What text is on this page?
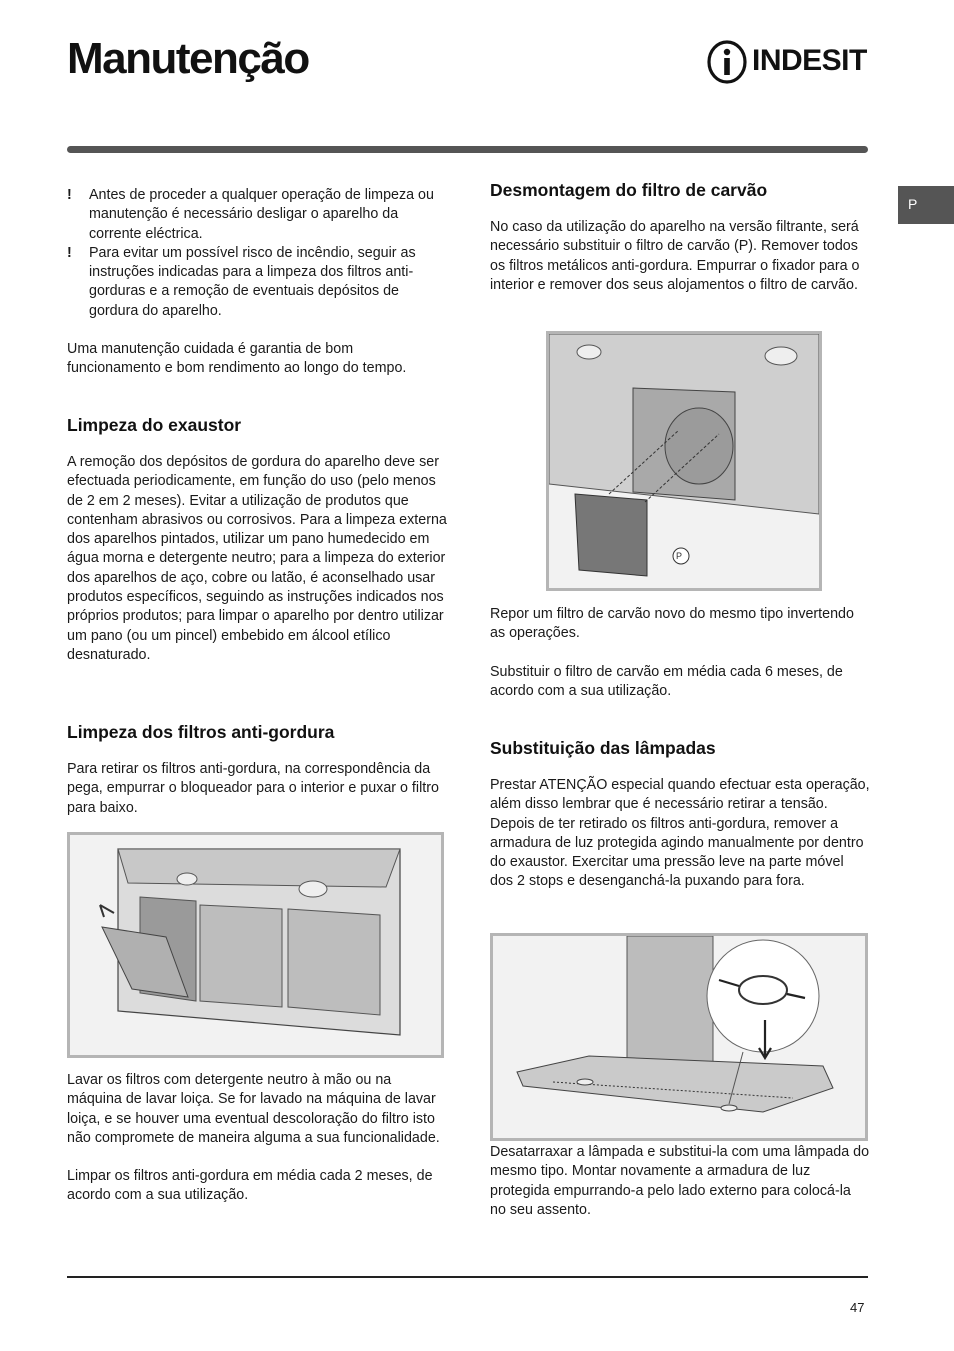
Manutenção	INDESIT
P

! Antes de proceder a qualquer operação de limpeza ou manutenção é necessário desligar o aparelho da corrente eléctrica.

! Para evitar um possível risco de incêndio, seguir as instruções indicadas para a limpeza dos filtros anti-gorduras e a remoção de eventuais depósitos de gordura do aparelho.

Uma manutenção cuidada é garantia de bom funcionamento e bom rendimento ao longo do tempo.

Limpeza do exaustor

A remoção dos depósitos de gordura do aparelho deve ser efectuada periodicamente, em função do uso (pelo menos de 2 em 2 meses). Evitar a utilização de produtos que contenham abrasivos ou corrosivos. Para a limpeza externa dos aparelhos pintados, utilizar um pano humedecido em água morna e detergente neutro; para a limpeza do exterior dos aparelhos de aço, cobre ou latão, é aconselhado usar produtos específicos, seguindo as instruções indicados nos próprios produtos; para limpar o aparelho por dentro utilizar um pano (ou um pincel) embebido em álcool etílico desnaturado.

Limpeza dos filtros anti-gordura

Para retirar os filtros anti-gordura, na correspondência da pega, empurrar o bloqueador para o interior e puxar o filtro para baixo.

Lavar os filtros com detergente neutro à mão ou na máquina de lavar loiça. Se for lavado na máquina de lavar loiça, e se houver uma eventual descoloração do filtro isto não compromete de maneira alguma a sua funcionalidade.

Limpar os filtros anti-gordura em média cada 2 meses, de acordo com a sua utilização.

Desmontagem do filtro de carvão

No caso da utilização do aparelho na versão filtrante, será necessário substituir o filtro de carvão (P). Remover todos os filtros metálicos anti-gordura. Empurrar o fixador para o interior e remover dos seus alojamentos o filtro de carvão.

P

Repor um filtro de carvão novo do mesmo tipo invertendo as operações.

Substituir o filtro de carvão em média cada 6 meses, de acordo com a sua utilização.

Substituição das lâmpadas

Prestar ATENÇÃO especial quando efectuar esta operação, além disso lembrar que é necessário retirar a tensão. Depois de ter retirado os filtros anti-gordura, remover a armadura de luz protegida agindo manualmente por dentro do exaustor. Exercitar uma pressão leve na parte móvel dos 2 stops e desenganchá-la puxando para fora.

Desatarraxar a lâmpada e substitui-la com uma lâmpada do mesmo tipo. Montar novamente a armadura de luz protegida empurrando-a pelo lado externo para colocá-la no seu assento.

47
